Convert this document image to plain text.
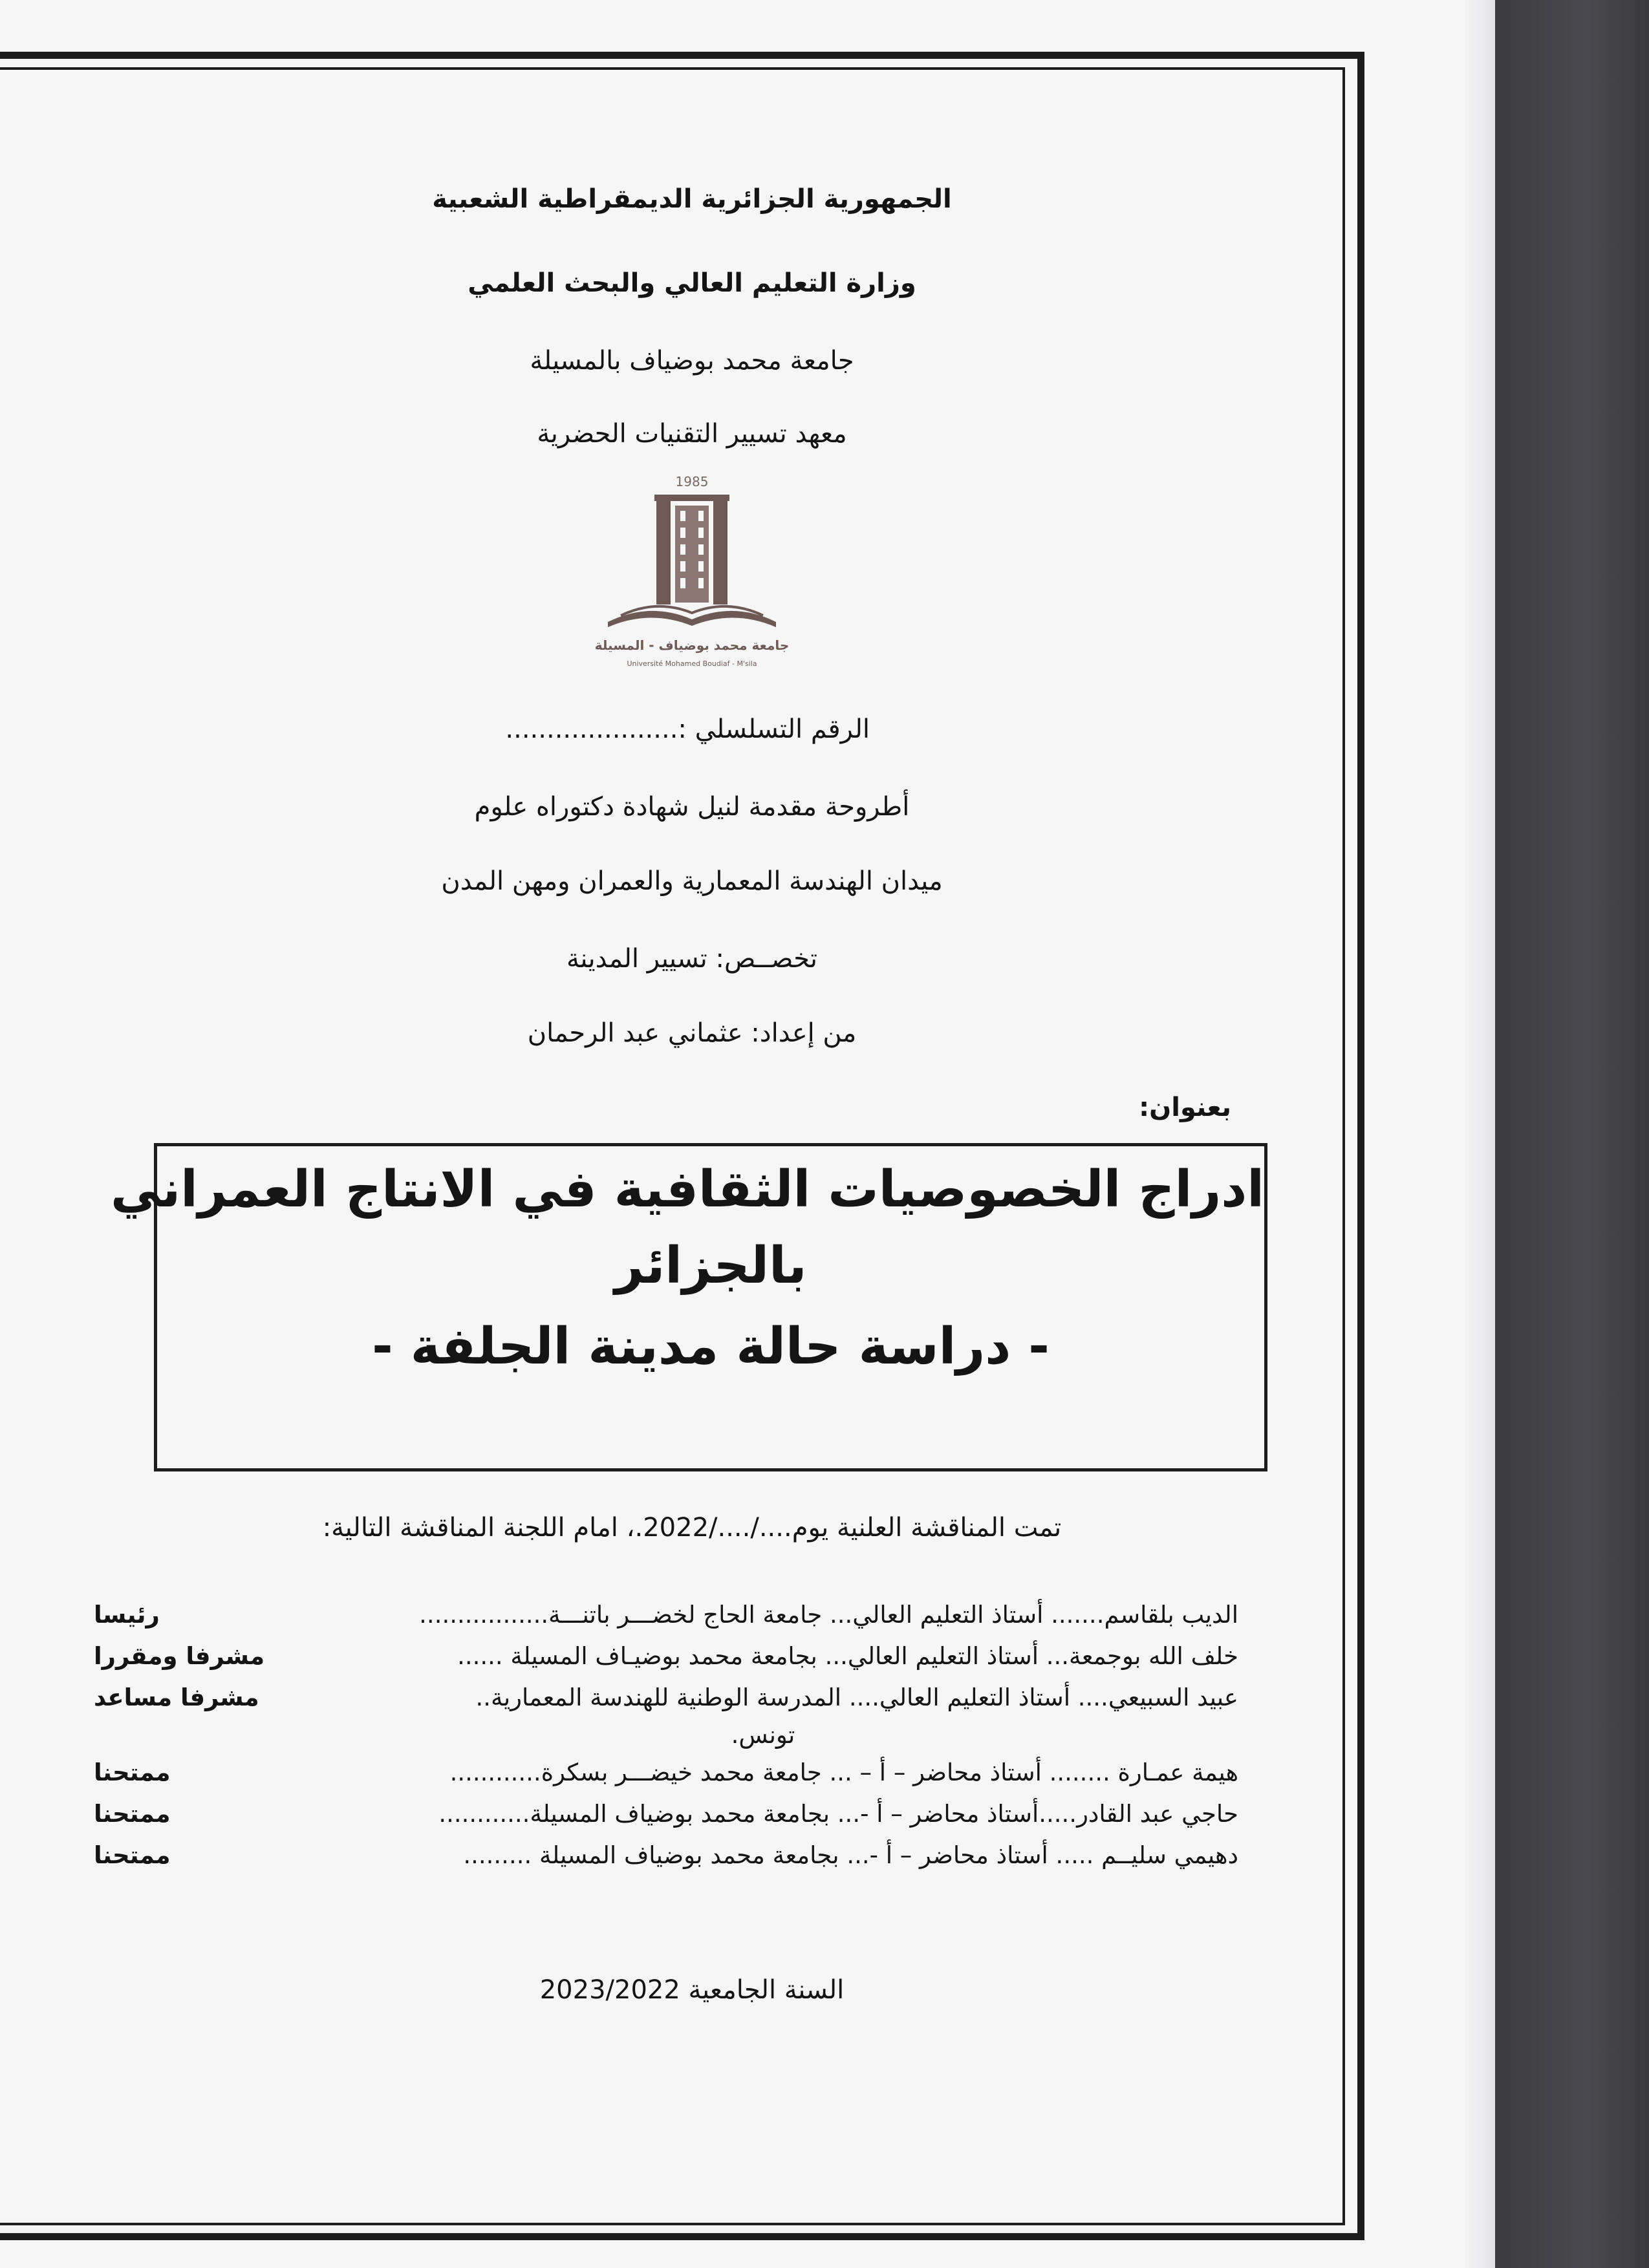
الجمهورية الجزائرية الديمقراطية الشعبية

وزارة التعليم العالي والبحث العلمي

جامعة محمد بوضياف بالمسيلة

معهد تسيير التقنيات الحضرية

1985
جامعة محمد بوضياف - المسيلة
Université Mohamed Boudiaf - M'sila

الرقم التسلسلي :.....................

أطروحة مقدمة لنيل شهادة دكتوراه علوم

ميدان الهندسة المعمارية والعمران ومهن المدن

تخصــص: تسيير المدينة

من إعداد: عثماني عبد الرحمان

بعنوان:

ادراج الخصوصيات الثقافية في الانتاج العمراني

بالجزائر

- دراسة حالة مدينة الجلفة -

تمت المناقشة العلنية يوم..../..../2022.، امام اللجنة المناقشة التالية:

الديب بلقاسم....... أستاذ التعليم العالي... جامعة الحاج لخضـــر باتنـــة.................
رئيسا
خلف الله بوجمعة... أستاذ التعليم العالي... بجامعة محمد بوضيـاف المسيلة ......
مشرفا ومقررا
عبيد السبيعي.... أستاذ التعليم العالي.... المدرسة الوطنية للهندسة المعمارية..
مشرفا مساعد
تونس.
هيمة عمـارة ........ أستاذ محاضر – أ – ... جامعة محمد خيضـــر بسكرة............
ممتحنا
حاجي عبد القادر.....أستاذ محاضر – أ -... بجامعة محمد بوضياف المسيلة............
ممتحنا
دهيمي سليــم ..... أستاذ محاضر – أ -... بجامعة محمد بوضياف المسيلة .........
ممتحنا

السنة الجامعية 2023/2022
